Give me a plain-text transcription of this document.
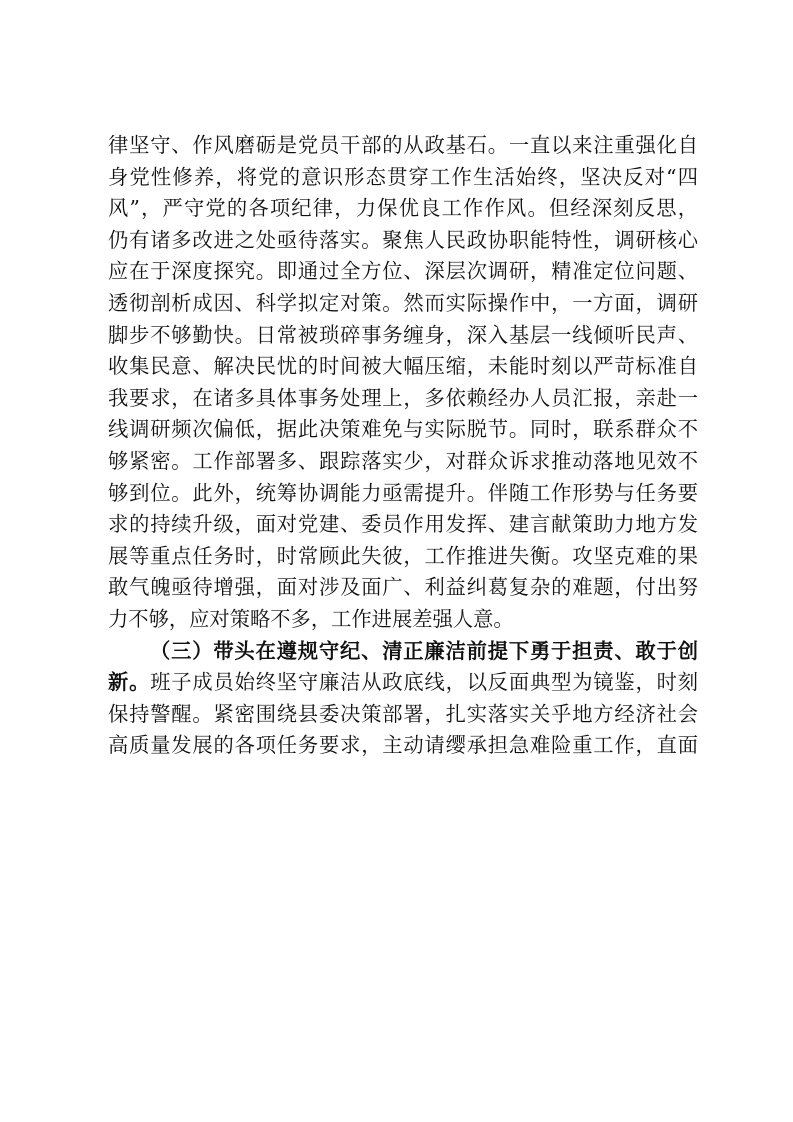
律坚守、作风磨砺是党员干部的从政基石。一直以来注重强化自
身党性修养，将党的意识形态贯穿工作生活始终，坚决反对“四
风”，严守党的各项纪律，力保优良工作作风。但经深刻反思，
仍有诸多改进之处亟待落实。聚焦人民政协职能特性，调研核心
应在于深度探究。即通过全方位、深层次调研，精准定位问题、
透彻剖析成因、科学拟定对策。然而实际操作中，一方面，调研
脚步不够勤快。日常被琐碎事务缠身，深入基层一线倾听民声、
收集民意、解决民忧的时间被大幅压缩，未能时刻以严苛标准自
我要求，在诸多具体事务处理上，多依赖经办人员汇报，亲赴一
线调研频次偏低，据此决策难免与实际脱节。同时，联系群众不
够紧密。工作部署多、跟踪落实少，对群众诉求推动落地见效不
够到位。此外，统筹协调能力亟需提升。伴随工作形势与任务要
求的持续升级，面对党建、委员作用发挥、建言献策助力地方发
展等重点任务时，时常顾此失彼，工作推进失衡。攻坚克难的果
敢气魄亟待增强，面对涉及面广、利益纠葛复杂的难题，付出努
力不够，应对策略不多，工作进展差强人意。
（三）带头在遵规守纪、清正廉洁前提下勇于担责、敢于创
新。班子成员始终坚守廉洁从政底线，以反面典型为镜鉴，时刻
保持警醒。紧密围绕县委决策部署，扎实落实关乎地方经济社会
高质量发展的各项任务要求，主动请缨承担急难险重工作，直面
